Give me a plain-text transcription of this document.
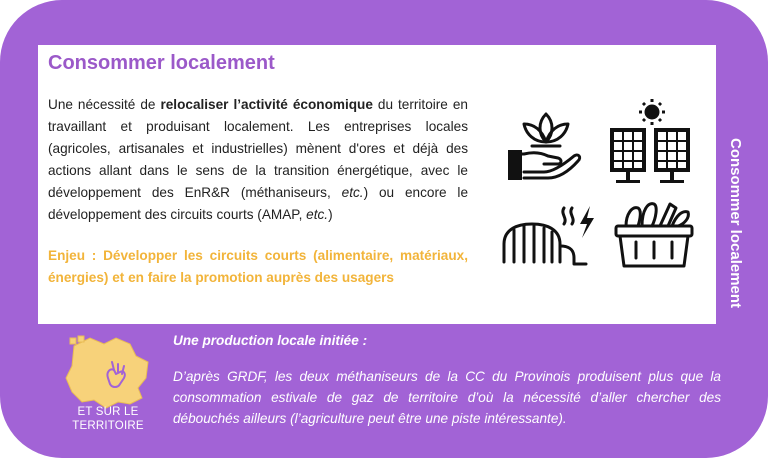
Consommer localement
Une nécessité de relocaliser l’activité économique du territoire en travaillant et produisant localement. Les entreprises locales (agricoles, artisanales et industrielles) mènent d'ores et déjà des actions allant dans le sens de la transition énergétique, avec le développement des EnR&R (méthaniseurs, etc.) ou encore le développement des circuits courts (AMAP, etc.)
Enjeu : Développer les circuits courts (alimentaire, matériaux, énergies) et en faire la promotion auprès des usagers	Consommer localement
ET SUR LE
TERRITOIRE
Une production locale initiée :
D’après GRDF, les deux méthaniseurs de la CC du Provinois produisent plus que la consommation estivale de gaz de territoire d’où la nécessité d’aller chercher des débouchés ailleurs (l’agriculture peut être une piste intéressante).
